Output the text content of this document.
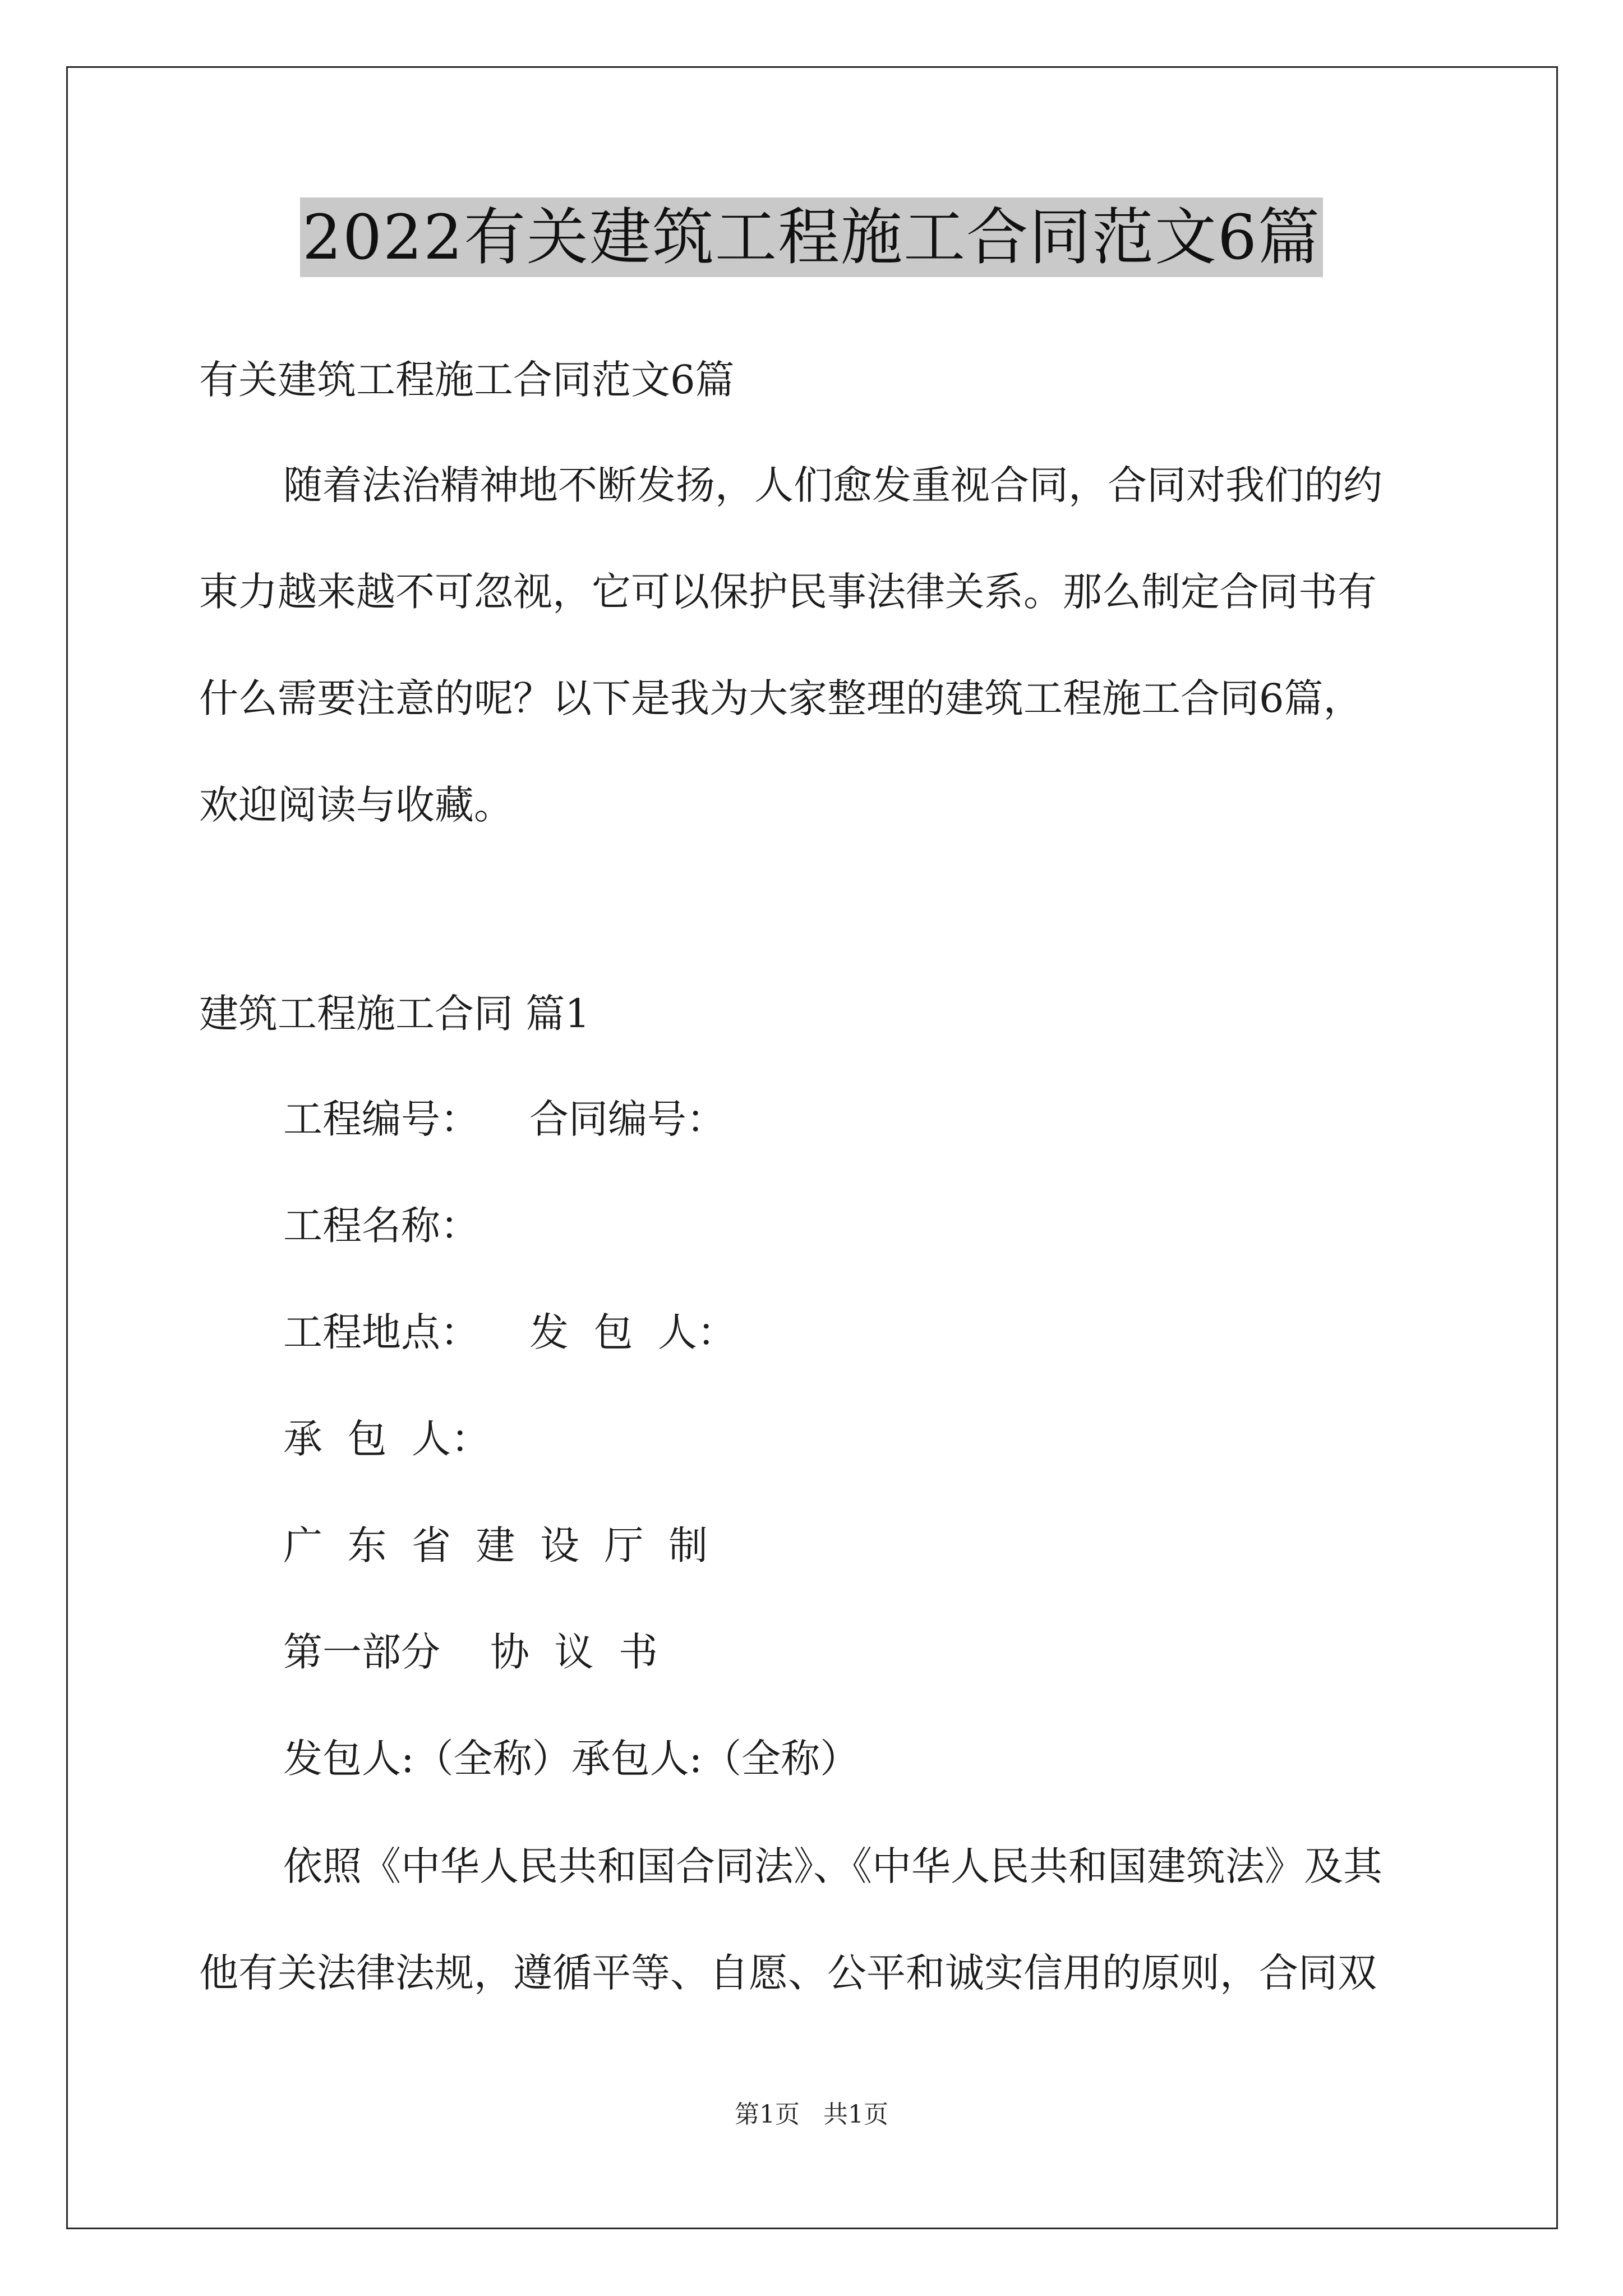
2022有关建筑工程施工合同范文6篇
有关建筑工程施工合同范文6篇
随着法治精神地不断发扬，人们愈发重视合同，合同对我们的约
束力越来越不可忽视，它可以保护民事法律关系。那么制定合同书有
什么需要注意的呢？以下是我为大家整理的建筑工程施工合同6篇，
欢迎阅读与收藏。
建筑工程施工合同 篇1
工程编号：    合同编号：
工程名称：
工程地点：    发  包  人：
承  包  人：
广  东  省  建  设  厅  制
第一部分    协  议  书
发包人:（全称）承包人:（全称）
依照《中华人民共和国合同法》、《中华人民共和国建筑法》及其
他有关法律法规，遵循平等、自愿、公平和诚实信用的原则，合同双
第1页   共1页
